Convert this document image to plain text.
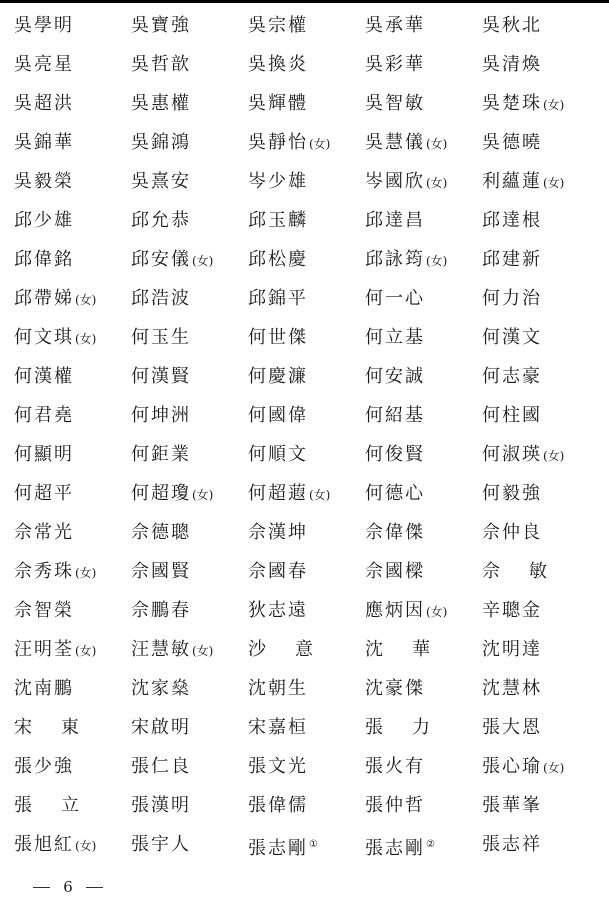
吳學明	吳寶強	吳宗權	吳承華	吳秋北
吳亮星	吳哲歆	吳換炎	吳彩華	吳清煥
吳超洪	吳惠權	吳輝體	吳智敏	吳楚珠(女)
吳錦華	吳錦鴻	吳靜怡(女) 吳慧儀(女) 吳德曉
吳毅榮	吳熹安	岑少雄	岑國欣(女) 利蘊蓮(女)
邱少雄	邱允恭	邱玉麟	邱達昌	邱達根
邱偉銘	邱安儀(女) 邱松慶	邱詠筠(女) 邱建新
邱帶娣(女) 邱浩波	邱錦平	何一心	何力治
何文琪(女) 何玉生	何世傑	何立基	何漢文
何漢權	何漢賢	何慶濂	何安誠	何志豪
何君堯	何坤洲	何國偉	何紹基	何柱國
何顯明	何鉅業	何順文	何俊賢	何淑瑛(女)
何超平	何超瓊(女) 何超蕸(女) 何德心	何毅強
佘常光	佘德聰	佘漢坤	佘偉傑	佘仲良
佘秀珠(女) 佘國賢	佘國春	佘國樑	佘敏
佘智榮	佘鵬春	狄志遠	應炳因(女) 辛聰金
汪明荃(女) 汪慧敏(女) 沙意 沈華 沈明達
沈南鵬	沈家燊	沈朝生	沈豪傑	沈慧林
宋東 宋啟明	宋嘉桓	張力 張大恩
張少強	張仁良	張文光	張火有	張心瑜(女)
張立 張漢明	張偉儒	張仲哲	張華峯
張旭紅(女) 張宇人	張志剛①	張志剛②	張志祥
6
